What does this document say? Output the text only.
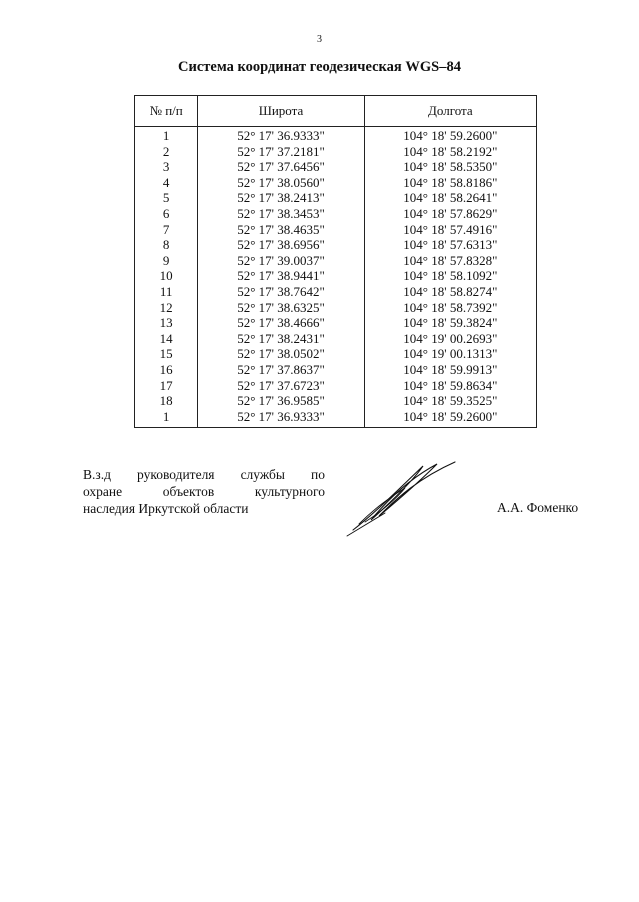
3
Система координат геодезическая WGS–84
№ п/п	Широта	Долгота
1	52° 17' 36.9333"	104° 18' 59.2600"
2	52° 17' 37.2181"	104° 18' 58.2192"
3	52° 17' 37.6456"	104° 18' 58.5350"
4	52° 17' 38.0560"	104° 18' 58.8186"
5	52° 17' 38.2413"	104° 18' 58.2641"
6	52° 17' 38.3453"	104° 18' 57.8629"
7	52° 17' 38.4635"	104° 18' 57.4916"
8	52° 17' 38.6956"	104° 18' 57.6313"
9	52° 17' 39.0037"	104° 18' 57.8328"
10	52° 17' 38.9441"	104° 18' 58.1092"
11	52° 17' 38.7642"	104° 18' 58.8274"
12	52° 17' 38.6325"	104° 18' 58.7392"
13	52° 17' 38.4666"	104° 18' 59.3824"
14	52° 17' 38.2431"	104° 19' 00.2693"
15	52° 17' 38.0502"	104° 19' 00.1313"
16	52° 17' 37.8637"	104° 18' 59.9913"
17	52° 17' 37.6723"	104° 18' 59.8634"
18	52° 17' 36.9585"	104° 18' 59.3525"
1	52° 17' 36.9333"	104° 18' 59.2600"
В.з.д руководителя службы по
охране	объектов	культурного
наследия Иркутской области	А.А. Фоменко
